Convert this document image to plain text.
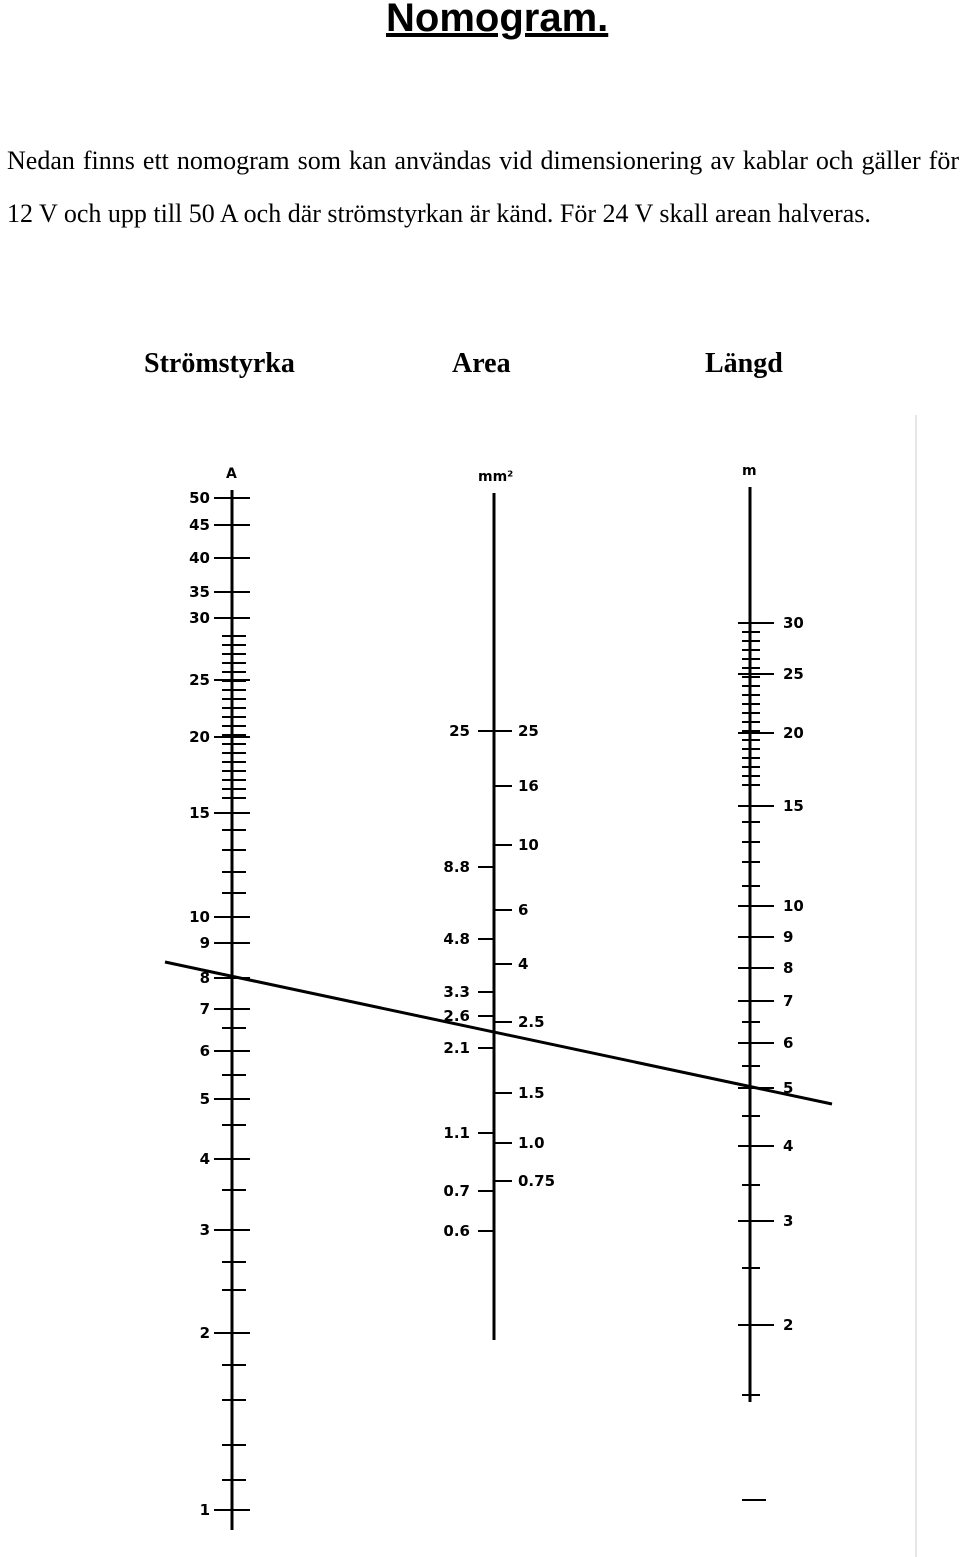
Nomogram.

Nedan finns ett nomogram som kan användas vid dimensionering av kablar och gäller för 12 V och upp till 50 A och där strömstyrkan är känd. För 24 V skall arean halveras.

Strömstyrka	Area	Längd
A
50
45
40
35
30
25
20
15
10
9
8
7
6
5
4
3
2
1
mm²
25
8.8
4.8
3.3
2.6
2.1
1.1
0.7
0.6
25
16
10
6
4
2.5
1.5
1.0
0.75
m
30
25
20
15
10
9
8
7
6
5
4
3
2
